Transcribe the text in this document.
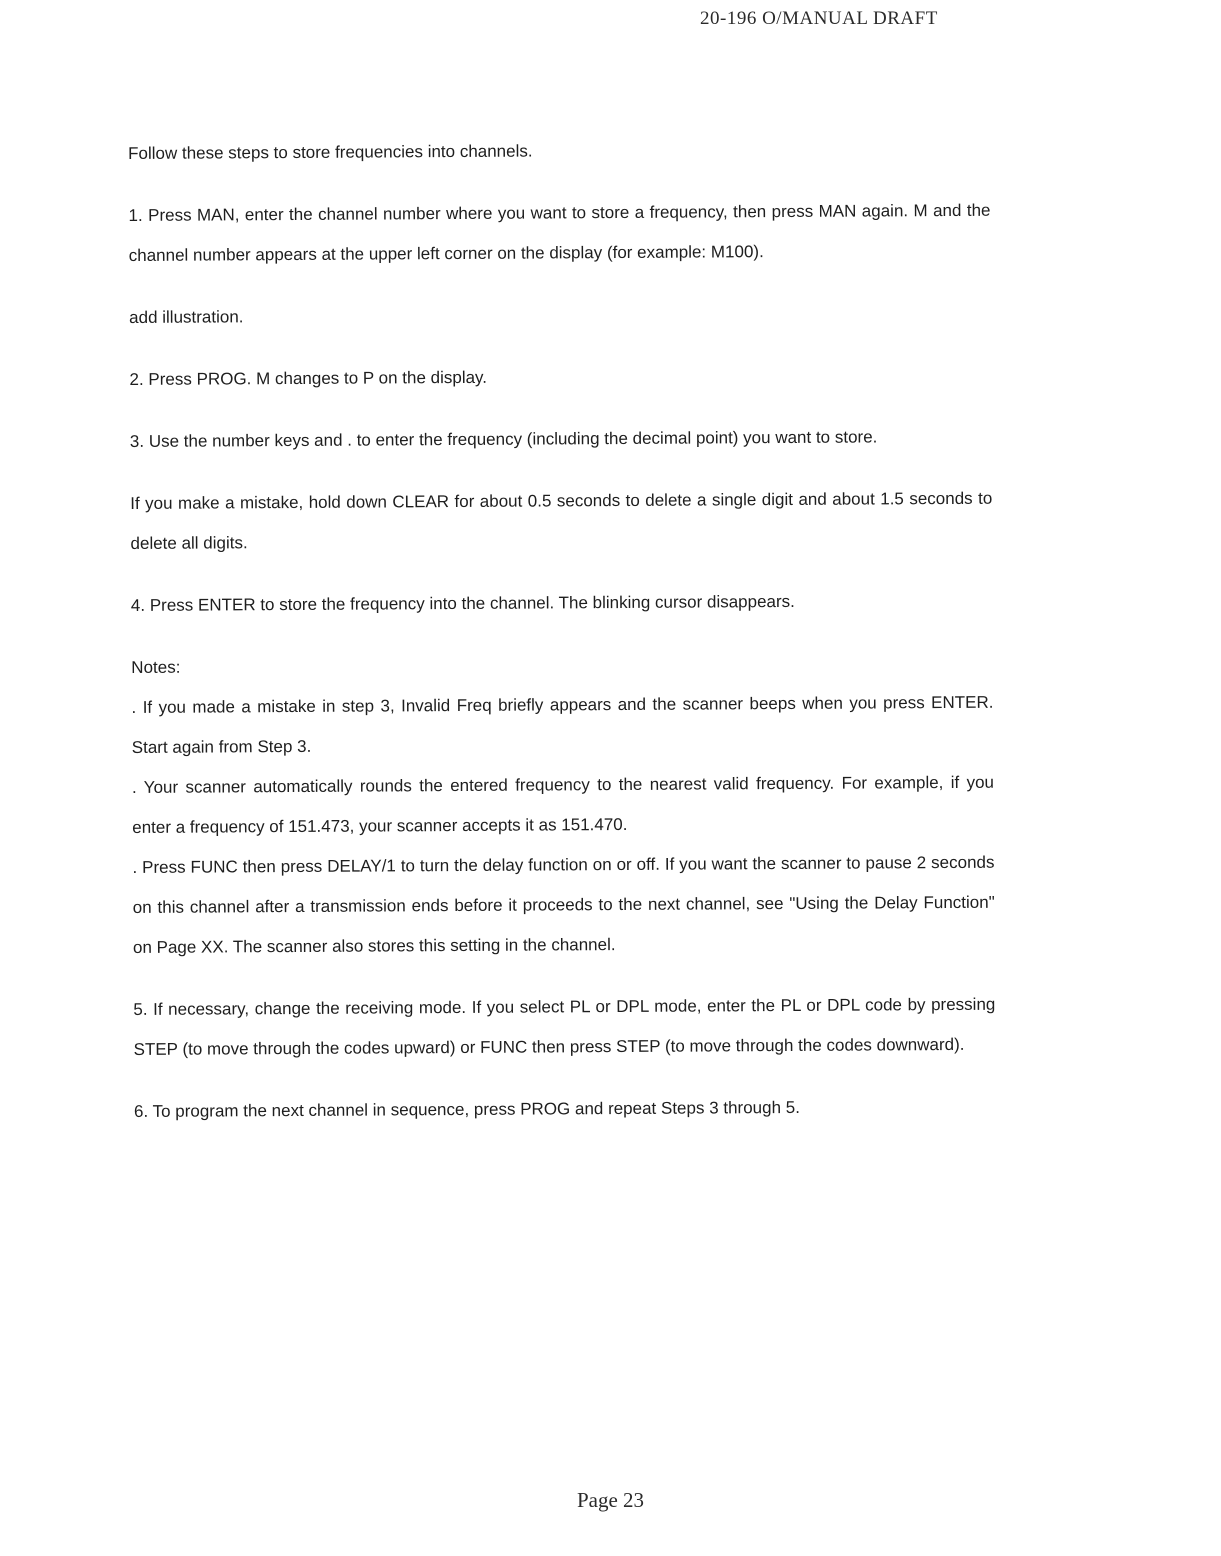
20-196 O/MANUAL DRAFT

Follow these steps to store frequencies into channels.

1. Press MAN, enter the channel number where you want to store a frequency, then press MAN again. M and the channel number appears at the upper left corner on the display (for example: M100).

add illustration.

2. Press PROG. M changes to P on the display.

3. Use the number keys and . to enter the frequency (including the decimal point) you want to store.

If you make a mistake, hold down CLEAR for about 0.5 seconds to delete a single digit and about 1.5 seconds to delete all digits.

4. Press ENTER to store the frequency into the channel. The blinking cursor disappears.

Notes:

. If you made a mistake in step 3, Invalid Freq briefly appears and the scanner beeps when you press ENTER. Start again from Step 3.

. Your scanner automatically rounds the entered frequency to the nearest valid frequency. For example, if you enter a frequency of 151.473, your scanner accepts it as 151.470.

. Press FUNC then press DELAY/1 to turn the delay function on or off. If you want the scanner to pause 2 seconds on this channel after a transmission ends before it proceeds to the next channel, see "Using the Delay Function" on Page XX. The scanner also stores this setting in the channel.

5. If necessary, change the receiving mode. If you select PL or DPL mode, enter the PL or DPL code by pressing STEP (to move through the codes upward) or FUNC then press STEP (to move through the codes downward).

6. To program the next channel in sequence, press PROG and repeat Steps 3 through 5.

Page 23
